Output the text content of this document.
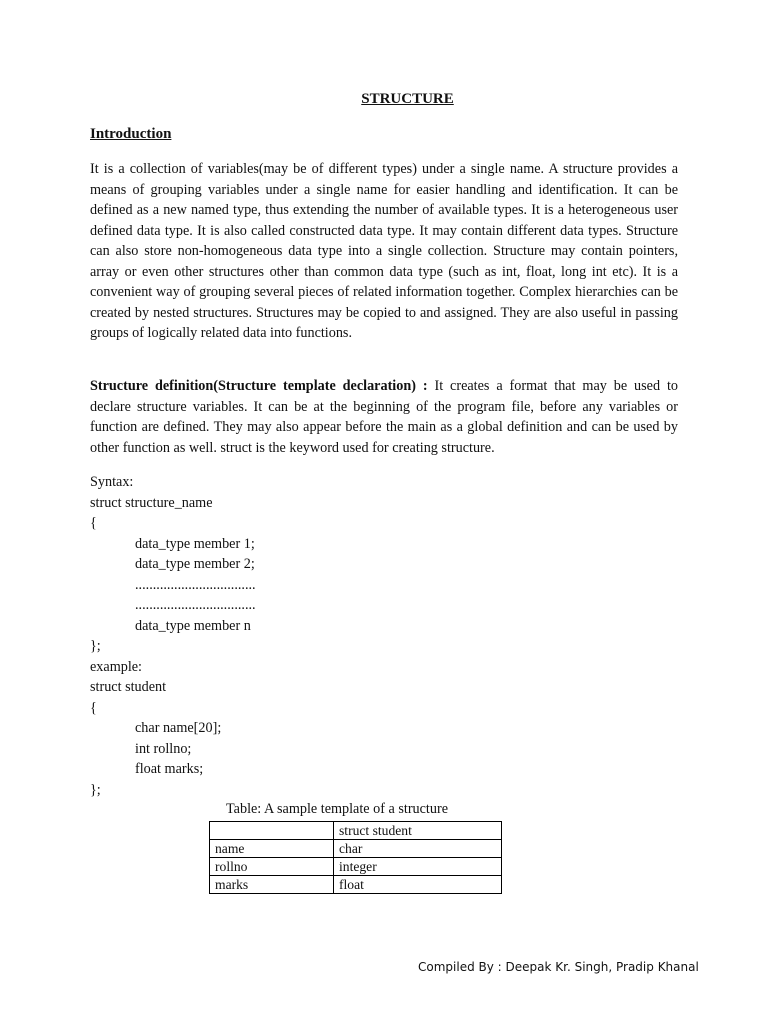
STRUCTURE
Introduction

It is a collection of variables(may be of different types) under a single name. A structure provides a means of grouping variables under a single name for easier handling and identification. It can be defined as a new named type, thus extending the number of available types. It is a heterogeneous user defined data type. It is also called constructed data type. It may contain different data types. Structure can also store non-homogeneous data type into a single collection. Structure may contain pointers, array or even other structures other than common data type (such as int, float, long int etc). It is a convenient way of grouping several pieces of related information together. Complex hierarchies can be created by nested structures. Structures may be copied to and assigned. They are also useful in passing groups of logically related data into functions.

Structure definition(Structure template declaration) : It creates a format that may be used to declare structure variables. It can be at the beginning of the program file, before any variables or function are defined. They may also appear before the main as a global definition and can be used by other function as well. struct is the keyword used for creating structure.

Syntax:
struct structure_name
{
data_type member 1;
data_type member 2;
..................................
..................................
data_type member n
};
example:
struct student
{
char name[20];
int rollno;
float marks;
};

Table: A sample template of a structure

	struct student
name	char
rollno	integer
marks	float

Compiled By : Deepak Kr. Singh, Pradip Khanal
